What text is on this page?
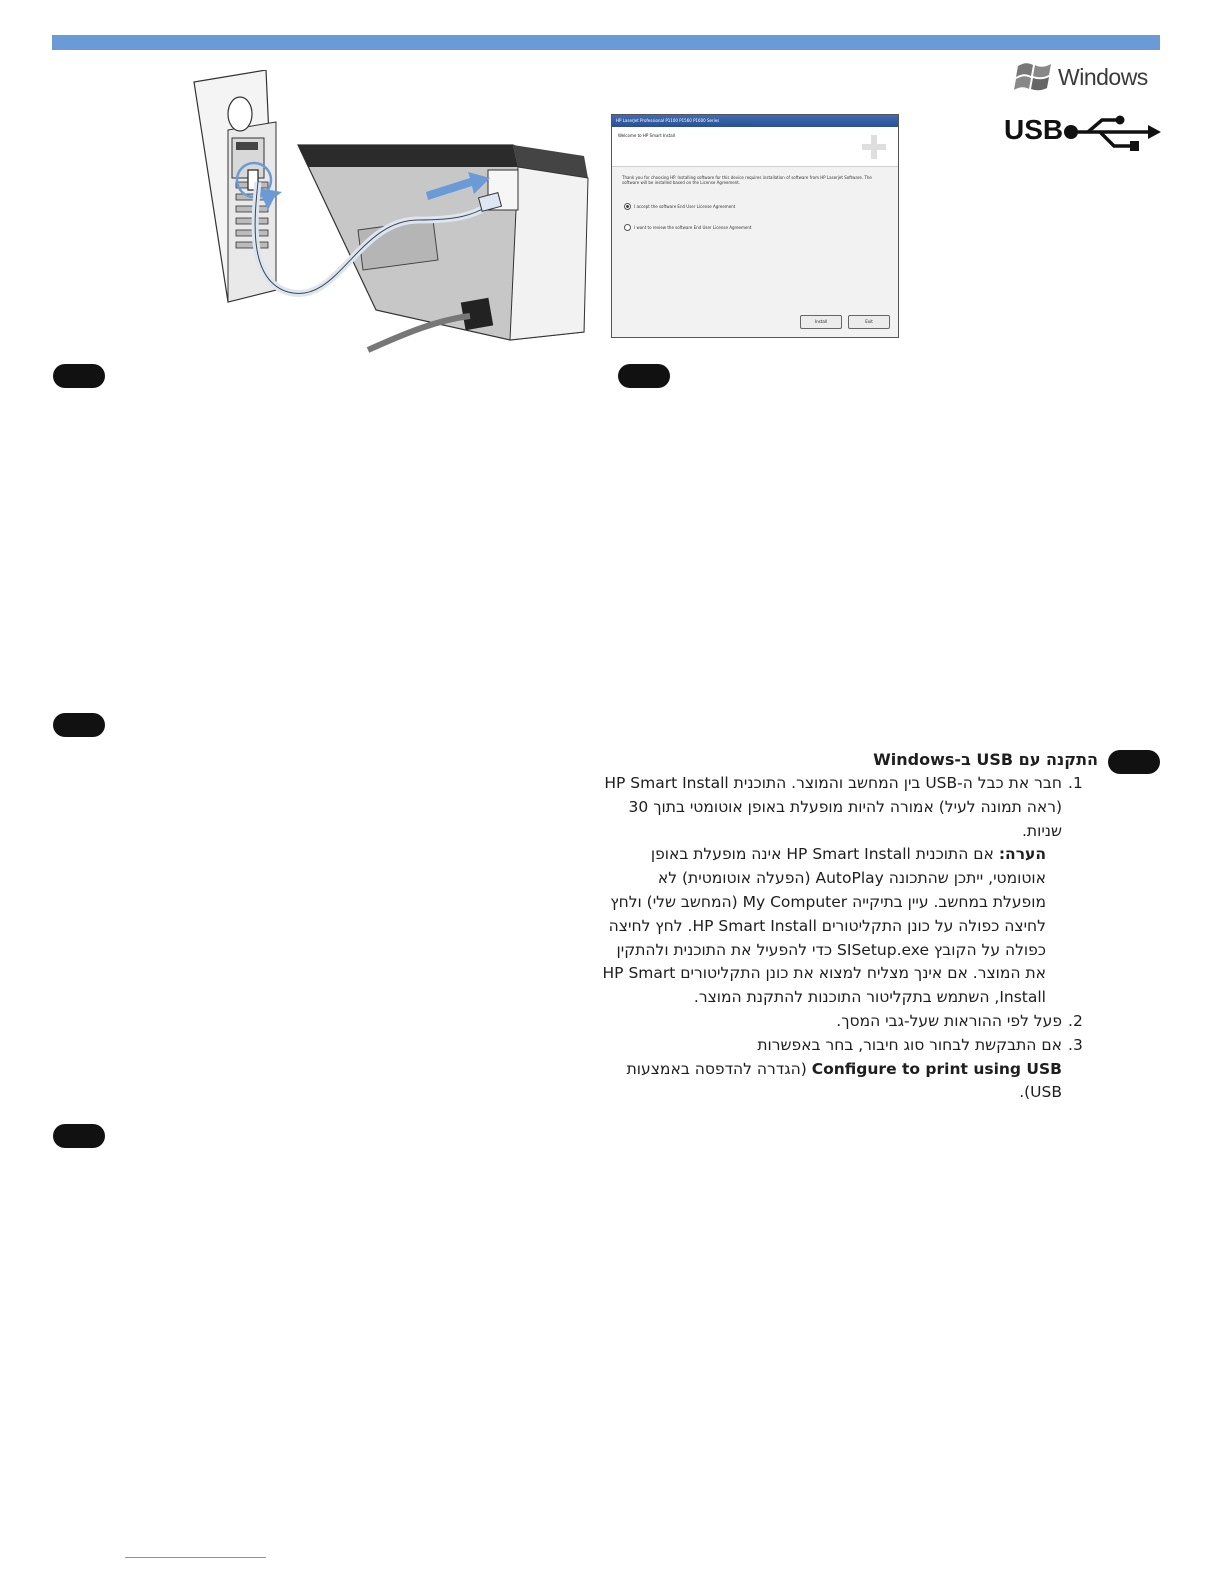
Windows
USB
HP LaserJet Professional P1100 P1560 P1600 Series
Welcome to HP Smart Install
Thank you for choosing HP. Installing software for this device requires installation of software from HP Laserjet Software. The software will be installed based on the License Agreement.
I accept the software End User License Agreement
I want to review the software End User License Agreement
Install	Exit
התקנה עם USB ב-Windows
1.
חבר את כבל ה-USB בין המחשב והמוצר. התוכנית HP Smart Install (ראה תמונה לעיל) אמורה להיות מופעלת באופן אוטומטי בתוך 30 שניות.
הערה: אם התוכנית HP Smart Install אינה מופעלת באופן אוטומטי, ייתכן שהתכונה AutoPlay (הפעלה אוטומטית) לא מופעלת במחשב. עיין בתיקייה My Computer (המחשב שלי) ולחץ לחיצה כפולה על כונן התקליטורים HP Smart Install. לחץ לחיצה כפולה על הקובץ SISetup.exe כדי להפעיל את התוכנית ולהתקין את המוצר. אם אינך מצליח למצוא את כונן התקליטורים HP Smart Install, השתמש בתקליטור התוכנות להתקנת המוצר.
2.
פעל לפי ההוראות שעל-גבי המסך.
3.
אם התבקשת לבחור סוג חיבור, בחר באפשרות
Configure to print using USB (הגדרה להדפסה באמצעות USB).
